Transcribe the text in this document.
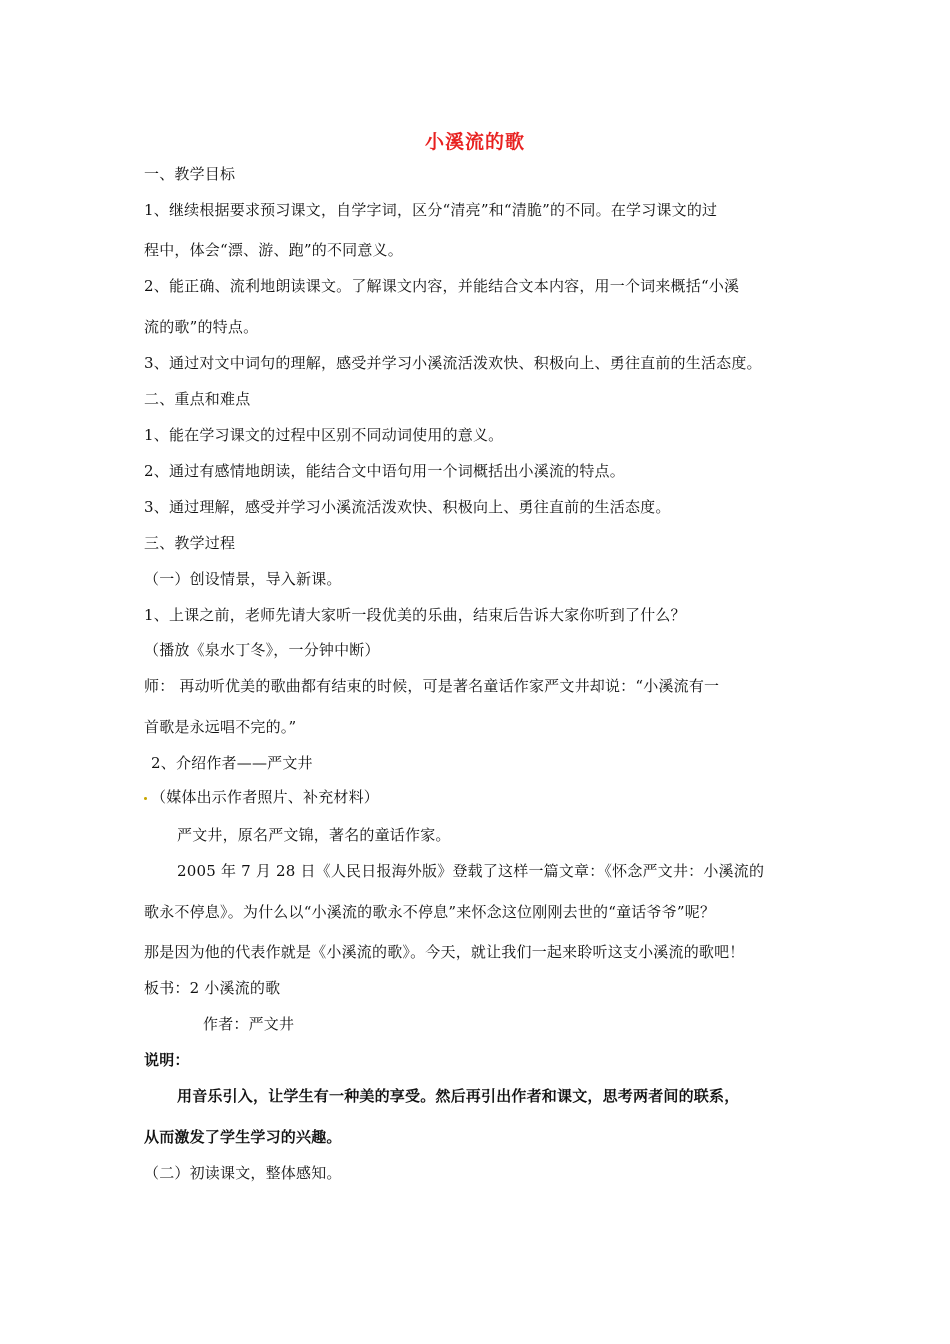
小溪流的歌
一、教学目标
1、继续根据要求预习课文，自学字词，区分“清亮”和“清脆”的不同。在学习课文的过
程中，体会“漂、游、跑”的不同意义。
2、能正确、流利地朗读课文。了解课文内容，并能结合文本内容，用一个词来概括“小溪
流的歌”的特点。
3、通过对文中词句的理解，感受并学习小溪流活泼欢快、积极向上、勇往直前的生活态度。
二、重点和难点
1、能在学习课文的过程中区别不同动词使用的意义。
2、通过有感情地朗读，能结合文中语句用一个词概括出小溪流的特点。
3、通过理解，感受并学习小溪流活泼欢快、积极向上、勇往直前的生活态度。
三、教学过程
（一）创设情景，导入新课。
1、上课之前，老师先请大家听一段优美的乐曲，结束后告诉大家你听到了什么？
（播放《泉水丁冬》，一分钟中断）
师： 再动听优美的歌曲都有结束的时候，可是著名童话作家严文井却说：“小溪流有一
首歌是永远唱不完的。”
2、介绍作者——严文井
（媒体出示作者照片、补充材料）
严文井，原名严文锦，著名的童话作家。
2005 年 7 月 28 日《人民日报海外版》登载了这样一篇文章：《怀念严文井：小溪流的
歌永不停息》。为什么以“小溪流的歌永不停息”来怀念这位刚刚去世的“童话爷爷”呢？
那是因为他的代表作就是《小溪流的歌》。今天，就让我们一起来聆听这支小溪流的歌吧！
板书：2 小溪流的歌
作者：严文井
说明：
用音乐引入，让学生有一种美的享受。然后再引出作者和课文，思考两者间的联系，
从而激发了学生学习的兴趣。
（二）初读课文，整体感知。
